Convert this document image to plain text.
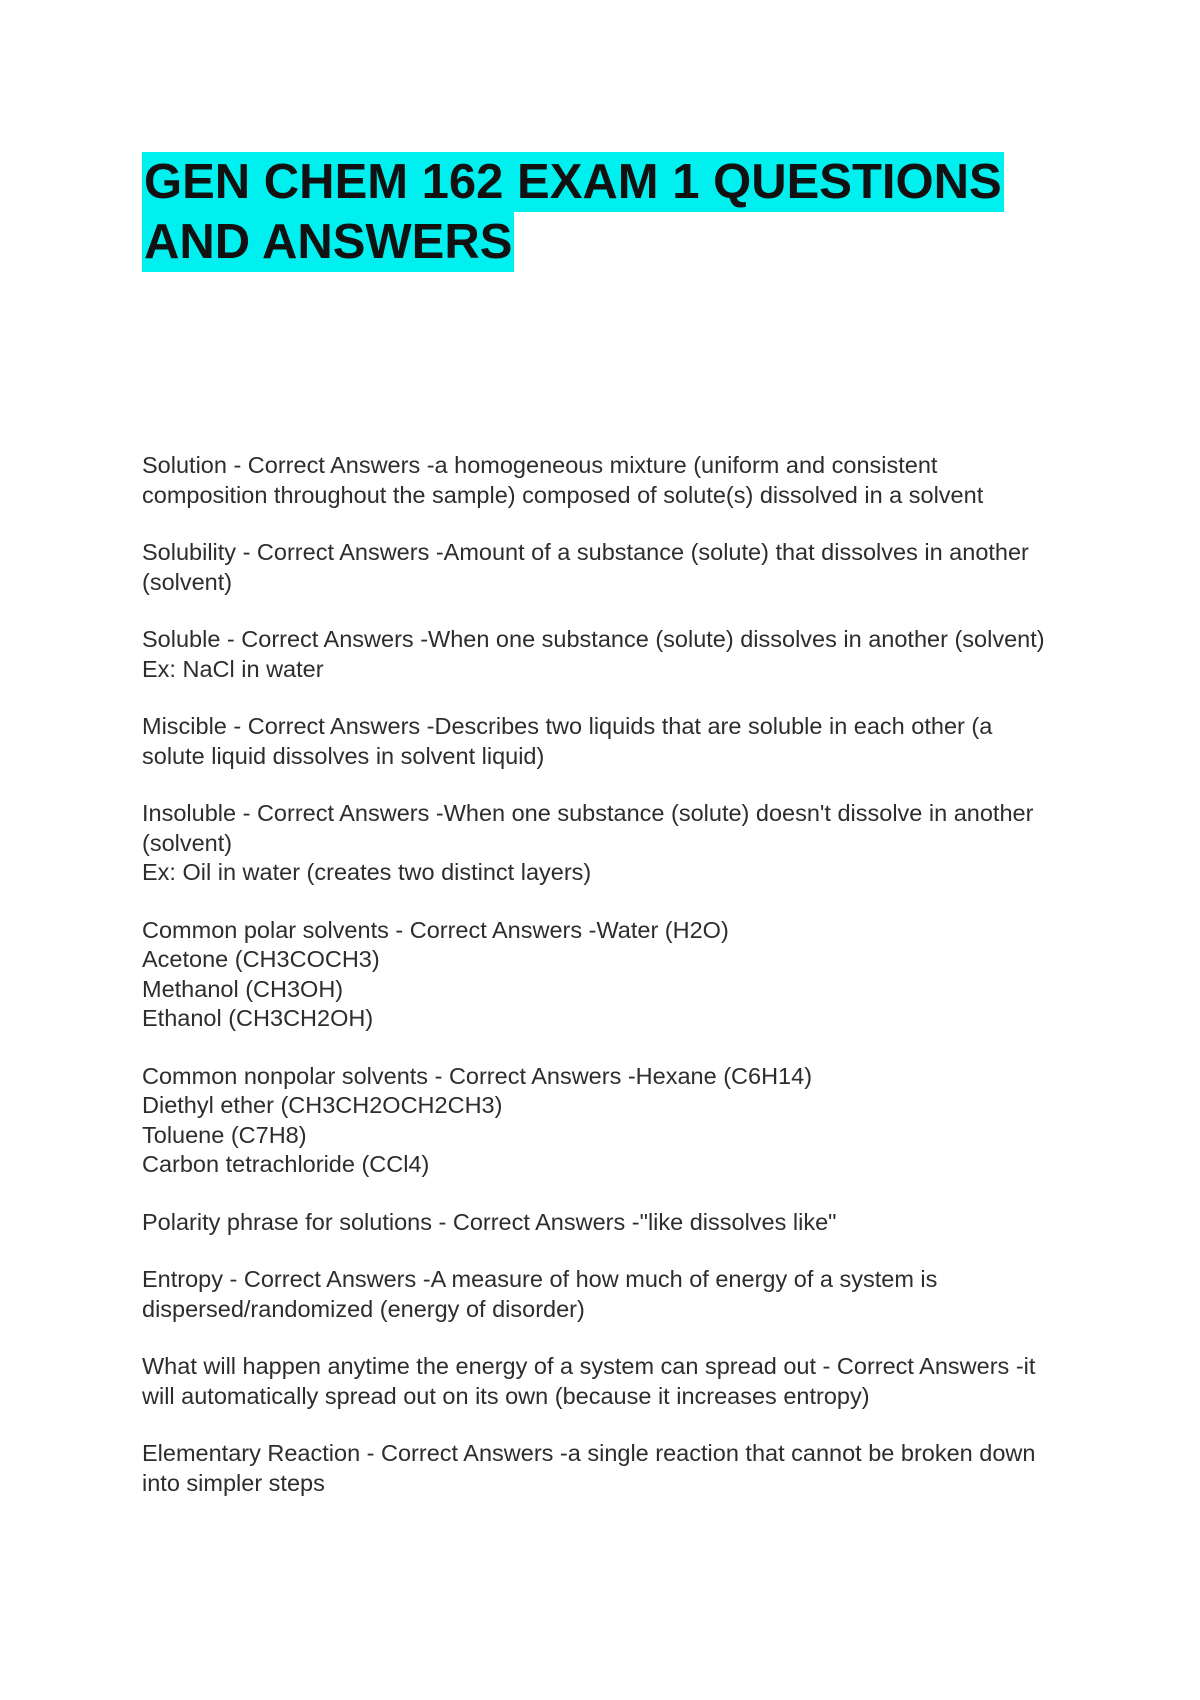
GEN CHEM 162 EXAM 1 QUESTIONS
AND ANSWERS
Solution - Correct Answers -a homogeneous mixture (uniform and consistent
composition throughout the sample) composed of solute(s) dissolved in a solvent
Solubility - Correct Answers -Amount of a substance (solute) that dissolves in another
(solvent)
Soluble - Correct Answers -When one substance (solute) dissolves in another (solvent)
Ex: NaCl in water
Miscible - Correct Answers -Describes two liquids that are soluble in each other (a
solute liquid dissolves in solvent liquid)
Insoluble - Correct Answers -When one substance (solute) doesn't dissolve in another
(solvent)
Ex: Oil in water (creates two distinct layers)
Common polar solvents - Correct Answers -Water (H2O)
Acetone (CH3COCH3)
Methanol (CH3OH)
Ethanol (CH3CH2OH)
Common nonpolar solvents - Correct Answers -Hexane (C6H14)
Diethyl ether (CH3CH2OCH2CH3)
Toluene (C7H8)
Carbon tetrachloride (CCl4)
Polarity phrase for solutions - Correct Answers -"like dissolves like"
Entropy - Correct Answers -A measure of how much of energy of a system is
dispersed/randomized (energy of disorder)
What will happen anytime the energy of a system can spread out - Correct Answers -it
will automatically spread out on its own (because it increases entropy)
Elementary Reaction - Correct Answers -a single reaction that cannot be broken down
into simpler steps
